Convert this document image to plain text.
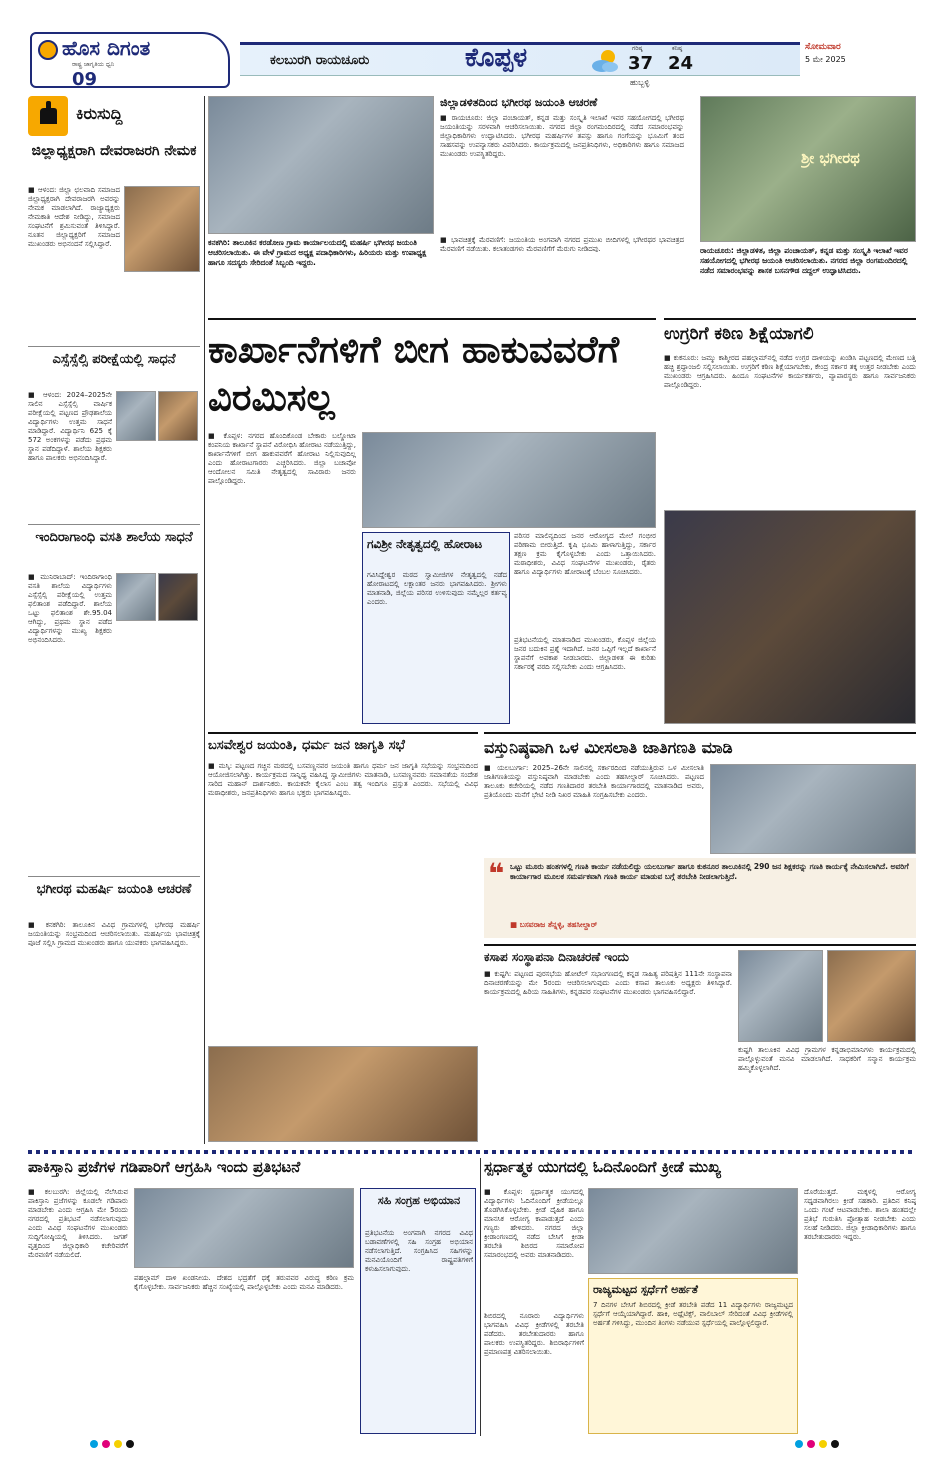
ಹೊಸ ದಿಗಂತ
ರಾಷ್ಟ್ರ ಜಾಗೃತಿಯ ಧ್ವನಿ
09
ಕಲಬುರಗಿ ರಾಯಚೂರು	ಕೊಪ್ಪಳ	ಗರಿಷ್ಠ
37
ಕನಿಷ್ಠ
24
ಸೋಮವಾರ
5 ಮೇ 2025
ಹುಬ್ಬಳ್ಳಿ
ಕಿರುಸುದ್ದಿ
ಜಿಲ್ಲಾಧ್ಯಕ್ಷರಾಗಿ ದೇವರಾಜರಗಿ ನೇಮಕ
■ ಆಳಂದ: ಜಿಲ್ಲಾ ಛಲವಾದಿ ಸಮಾಜದ ಜಿಲ್ಲಾಧ್ಯಕ್ಷರಾಗಿ ದೇವರಾಜರಗಿ ಅವರನ್ನು ನೇಮಕ ಮಾಡಲಾಗಿದೆ. ರಾಜ್ಯಾಧ್ಯಕ್ಷರು ನೇಮಕಾತಿ ಆದೇಶ ನೀಡಿದ್ದು, ಸಮಾಜದ ಸಂಘಟನೆಗೆ ಶ್ರಮಿಸುವಂತೆ ತಿಳಿಸಿದ್ದಾರೆ. ನೂತನ ಜಿಲ್ಲಾಧ್ಯಕ್ಷರಿಗೆ ಸಮಾಜದ ಮುಖಂಡರು ಅಭಿನಂದನೆ ಸಲ್ಲಿಸಿದ್ದಾರೆ.
ಎಸ್ಸೆಸ್ಸೆಲ್ಸಿ ಪರೀಕ್ಷೆಯಲ್ಲಿ ಸಾಧನೆ
■ ಆಳಂದ: 2024–2025ನೇ ಸಾಲಿನ ಎಸ್ಸೆಸ್ಸೆಲ್ಸಿ ವಾರ್ಷಿಕ ಪರೀಕ್ಷೆಯಲ್ಲಿ ಪಟ್ಟಣದ ಪ್ರೌಢಶಾಲೆಯ ವಿದ್ಯಾರ್ಥಿಗಳು ಉತ್ತಮ ಸಾಧನೆ ಮಾಡಿದ್ದಾರೆ. ವಿದ್ಯಾರ್ಥಿನಿ 625 ಕ್ಕೆ 572 ಅಂಕಗಳನ್ನು ಪಡೆದು ಪ್ರಥಮ ಸ್ಥಾನ ಪಡೆದಿದ್ದಾಳೆ. ಶಾಲೆಯ ಶಿಕ್ಷಕರು ಹಾಗೂ ಪಾಲಕರು ಅಭಿನಂದಿಸಿದ್ದಾರೆ.
ಇಂದಿರಾಗಾಂಧಿ ವಸತಿ ಶಾಲೆಯ ಸಾಧನೆ
■ ಮುನಿರಾಬಾದ್: ಇಂದಿರಾಗಾಂಧಿ ವಸತಿ ಶಾಲೆಯ ವಿದ್ಯಾರ್ಥಿಗಳು ಎಸ್ಸೆಸ್ಸೆಲ್ಸಿ ಪರೀಕ್ಷೆಯಲ್ಲಿ ಉತ್ತಮ ಫಲಿತಾಂಶ ಪಡೆದಿದ್ದಾರೆ. ಶಾಲೆಯ ಒಟ್ಟು ಫಲಿತಾಂಶ ಶೇ.95.04 ಆಗಿದ್ದು, ಪ್ರಥಮ ಸ್ಥಾನ ಪಡೆದ ವಿದ್ಯಾರ್ಥಿಗಳನ್ನು ಮುಖ್ಯ ಶಿಕ್ಷಕರು ಅಭಿನಂದಿಸಿದರು.
ಭಗೀರಥ ಮಹರ್ಷಿ ಜಯಂತಿ ಆಚರಣೆ
■ ಕನಕಗಿರಿ: ತಾಲೂಕಿನ ವಿವಿಧ ಗ್ರಾಮಗಳಲ್ಲಿ ಭಗೀರಥ ಮಹರ್ಷಿ ಜಯಂತಿಯನ್ನು ಸಂಭ್ರಮದಿಂದ ಆಚರಿಸಲಾಯಿತು. ಮಹರ್ಷಿಯ ಭಾವಚಿತ್ರಕ್ಕೆ ಪೂಜೆ ಸಲ್ಲಿಸಿ ಗ್ರಾಮದ ಮುಖಂಡರು ಹಾಗೂ ಯುವಕರು ಭಾಗವಹಿಸಿದ್ದರು.
ಕನಕಗಿರಿ: ತಾಲೂಕಿನ ಕರಡೋಣ ಗ್ರಾಮ ಕಾರ್ಯಾಲಯದಲ್ಲಿ ಮಹರ್ಷಿ ಭಗೀರಥ ಜಯಂತಿ ಆಚರಿಸಲಾಯಿತು. ಈ ವೇಳೆ ಗ್ರಾಮದ ಅಧ್ಯಕ್ಷ ಪದಾಧಿಕಾರಿಗಳು, ಹಿರಿಯರು ಮತ್ತು ಉಪಾಧ್ಯಕ್ಷ ಹಾಗೂ ಸದಸ್ಯರು ಸೇರಿದಂತೆ ಸಿಬ್ಬಂದಿ ಇದ್ದರು.
ಜಿಲ್ಲಾಡಳಿತದಿಂದ ಭಗೀರಥ ಜಯಂತಿ ಆಚರಣೆ
■ ರಾಯಚೂರು: ಜಿಲ್ಲಾ ಪಂಚಾಯತ್, ಕನ್ನಡ ಮತ್ತು ಸಂಸ್ಕೃತಿ ಇಲಾಖೆ ಇವರ ಸಹಯೋಗದಲ್ಲಿ ಭಗೀರಥ ಜಯಂತಿಯನ್ನು ಸರಳವಾಗಿ ಆಚರಿಸಲಾಯಿತು. ನಗರದ ಜಿಲ್ಲಾ ರಂಗಮಂದಿರದಲ್ಲಿ ನಡೆದ ಸಮಾರಂಭವನ್ನು ಜಿಲ್ಲಾಧಿಕಾರಿಗಳು ಉದ್ಘಾಟಿಸಿದರು. ಭಗೀರಥ ಮಹರ್ಷಿಗಳ ತಪಸ್ಸು ಹಾಗೂ ಗಂಗೆಯನ್ನು ಭೂಮಿಗೆ ತಂದ ಸಾಹಸವನ್ನು ಉಪನ್ಯಾಸಕರು ವಿವರಿಸಿದರು. ಕಾರ್ಯಕ್ರಮದಲ್ಲಿ ಜನಪ್ರತಿನಿಧಿಗಳು, ಅಧಿಕಾರಿಗಳು ಹಾಗೂ ಸಮಾಜದ ಮುಖಂಡರು ಉಪಸ್ಥಿತರಿದ್ದರು.
■ ಭಾವಚಿತ್ರಕ್ಕೆ ಮೆರವಣಿಗೆ: ಜಯಂತಿಯ ಅಂಗವಾಗಿ ನಗರದ ಪ್ರಮುಖ ಬೀದಿಗಳಲ್ಲಿ ಭಗೀರಥರ ಭಾವಚಿತ್ರದ ಮೆರವಣಿಗೆ ನಡೆಯಿತು. ಕಲಾತಂಡಗಳು ಮೆರವಣಿಗೆಗೆ ಮೆರುಗು ನೀಡಿದವು.
ಶ್ರೀ ಭಗೀರಥ
ರಾಯಚೂರು: ಜಿಲ್ಲಾಡಳಿತ, ಜಿಲ್ಲಾ ಪಂಚಾಯತ್, ಕನ್ನಡ ಮತ್ತು ಸಂಸ್ಕೃತಿ ಇಲಾಖೆ ಇವರ ಸಹಯೋಗದಲ್ಲಿ ಭಗೀರಥ ಜಯಂತಿ ಆಚರಿಸಲಾಯಿತು. ನಗರದ ಜಿಲ್ಲಾ ರಂಗಮಂದಿರದಲ್ಲಿ ನಡೆದ ಸಮಾರಂಭವನ್ನು ಶಾಸಕ ಬಸನಗೌಡ ದದ್ದಲ್ ಉದ್ಘಾಟಿಸಿದರು.
ಕಾರ್ಖಾನೆಗಳಿಗೆ ಬೀಗ ಹಾಕುವವರೆಗೆ ವಿರಮಿಸಲ್ಲ
■ ಕೊಪ್ಪಳ: ನಗರದ ಹೊಂದಿಕೊಂಡ ಬೇಕಾರು ಬಲ್ಡೋಟಾ ಕಂಪನಿಯ ಕಾರ್ಖಾನೆ ಸ್ಥಾಪನೆ ವಿರೋಧಿಸಿ ಹೋರಾಟ ನಡೆಯುತ್ತಿದ್ದು, ಕಾರ್ಖಾನೆಗಳಿಗೆ ಬೀಗ ಹಾಕುವವರೆಗೆ ಹೋರಾಟ ನಿಲ್ಲಿಸುವುದಿಲ್ಲ ಎಂದು ಹೋರಾಟಗಾರರು ಎಚ್ಚರಿಸಿದರು. ಜಿಲ್ಲಾ ಬಚಾವೋ ಆಂದೋಲನ ಸಮಿತಿ ನೇತೃತ್ವದಲ್ಲಿ ಸಾವಿರಾರು ಜನರು ಪಾಲ್ಗೊಂಡಿದ್ದರು.
ಗವಿಶ್ರೀ ನೇತೃತ್ವದಲ್ಲಿ ಹೋರಾಟ
ಗವಿಸಿದ್ದೇಶ್ವರ ಮಠದ ಸ್ವಾಮೀಜಿಗಳ ನೇತೃತ್ವದಲ್ಲಿ ನಡೆದ ಹೋರಾಟದಲ್ಲಿ ಲಕ್ಷಾಂತರ ಜನರು ಭಾಗವಹಿಸಿದರು. ಶ್ರೀಗಳು ಮಾತನಾಡಿ, ಜಿಲ್ಲೆಯ ಪರಿಸರ ಉಳಿಸುವುದು ನಮ್ಮೆಲ್ಲರ ಕರ್ತವ್ಯ ಎಂದರು.
ಪರಿಸರ ಮಾಲಿನ್ಯದಿಂದ ಜನರ ಆರೋಗ್ಯದ ಮೇಲೆ ಗಂಭೀರ ಪರಿಣಾಮ ಬೀರುತ್ತಿದೆ. ಕೃಷಿ ಭೂಮಿ ಹಾಳಾಗುತ್ತಿದ್ದು, ಸರ್ಕಾರ ತಕ್ಷಣ ಕ್ರಮ ಕೈಗೊಳ್ಳಬೇಕು ಎಂದು ಒತ್ತಾಯಿಸಿದರು. ಮಠಾಧೀಶರು, ವಿವಿಧ ಸಂಘಟನೆಗಳ ಮುಖಂಡರು, ರೈತರು ಹಾಗೂ ವಿದ್ಯಾರ್ಥಿಗಳು ಹೋರಾಟಕ್ಕೆ ಬೆಂಬಲ ಸೂಚಿಸಿದರು.
ಪ್ರತಿಭಟನೆಯಲ್ಲಿ ಮಾತನಾಡಿದ ಮುಖಂಡರು, ಕೊಪ್ಪಳ ಜಿಲ್ಲೆಯ ಜನರ ಬದುಕಿನ ಪ್ರಶ್ನೆ ಇದಾಗಿದೆ. ಜನರ ಒಪ್ಪಿಗೆ ಇಲ್ಲದೆ ಕಾರ್ಖಾನೆ ಸ್ಥಾಪನೆಗೆ ಅವಕಾಶ ನೀಡಬಾರದು. ಜಿಲ್ಲಾಡಳಿತ ಈ ಕುರಿತು ಸರ್ಕಾರಕ್ಕೆ ವರದಿ ಸಲ್ಲಿಸಬೇಕು ಎಂದು ಆಗ್ರಹಿಸಿದರು.
ಉಗ್ರರಿಗೆ ಕಠಿಣ ಶಿಕ್ಷೆಯಾಗಲಿ
■ ಕುಕನೂರು: ಜಮ್ಮು ಕಾಶ್ಮೀರದ ಪಹಲ್ಗಾಮ್‌ನಲ್ಲಿ ನಡೆದ ಉಗ್ರರ ದಾಳಿಯನ್ನು ಖಂಡಿಸಿ ಪಟ್ಟಣದಲ್ಲಿ ಮೇಣದ ಬತ್ತಿ ಹಚ್ಚಿ ಶ್ರದ್ಧಾಂಜಲಿ ಸಲ್ಲಿಸಲಾಯಿತು. ಉಗ್ರರಿಗೆ ಕಠಿಣ ಶಿಕ್ಷೆಯಾಗಬೇಕು, ಕೇಂದ್ರ ಸರ್ಕಾರ ತಕ್ಕ ಉತ್ತರ ನೀಡಬೇಕು ಎಂದು ಮುಖಂಡರು ಆಗ್ರಹಿಸಿದರು. ಹಿಂದೂ ಸಂಘಟನೆಗಳ ಕಾರ್ಯಕರ್ತರು, ವ್ಯಾಪಾರಸ್ಥರು ಹಾಗೂ ಸಾರ್ವಜನಿಕರು ಪಾಲ್ಗೊಂಡಿದ್ದರು.
ಬಸವೇಶ್ವರ ಜಯಂತಿ, ಧರ್ಮ ಜನ ಜಾಗೃತಿ ಸಭೆ
■ ಮಸ್ಕಿ: ಪಟ್ಟಣದ ಗಚ್ಚಿನ ಮಠದಲ್ಲಿ ಬಸವಣ್ಣನವರ ಜಯಂತಿ ಹಾಗೂ ಧರ್ಮ ಜನ ಜಾಗೃತಿ ಸಭೆಯನ್ನು ಸಂಭ್ರಮದಿಂದ ಆಯೋಜಿಸಲಾಗಿತ್ತು. ಕಾರ್ಯಕ್ರಮದ ಸಾನ್ನಿಧ್ಯ ವಹಿಸಿದ್ದ ಸ್ವಾಮೀಜಿಗಳು ಮಾತನಾಡಿ, ಬಸವಣ್ಣನವರು ಸಮಾನತೆಯ ಸಂದೇಶ ಸಾರಿದ ಮಹಾನ್ ದಾರ್ಶನಿಕರು. ಕಾಯಕವೇ ಕೈಲಾಸ ಎಂಬ ತತ್ವ ಇಂದಿಗೂ ಪ್ರಸ್ತುತ ಎಂದರು. ಸಭೆಯಲ್ಲಿ ವಿವಿಧ ಮಠಾಧೀಶರು, ಜನಪ್ರತಿನಿಧಿಗಳು ಹಾಗೂ ಭಕ್ತರು ಭಾಗವಹಿಸಿದ್ದರು.
ವಸ್ತುನಿಷ್ಠವಾಗಿ ಒಳ ಮೀಸಲಾತಿ ಜಾತಿಗಣತಿ ಮಾಡಿ
■ ಯಲಬುರ್ಗಾ: 2025–26ನೇ ಸಾಲಿನಲ್ಲಿ ಸರ್ಕಾರದಿಂದ ನಡೆಯುತ್ತಿರುವ ಒಳ ಮೀಸಲಾತಿ ಜಾತಿಗಣತಿಯನ್ನು ವಸ್ತುನಿಷ್ಠವಾಗಿ ಮಾಡಬೇಕು ಎಂದು ತಹಸೀಲ್ದಾರ್ ಸೂಚಿಸಿದರು. ಪಟ್ಟಣದ ತಾಲೂಕು ಕಚೇರಿಯಲ್ಲಿ ನಡೆದ ಗಣತಿದಾರರ ತರಬೇತಿ ಕಾರ್ಯಾಗಾರದಲ್ಲಿ ಮಾತನಾಡಿದ ಅವರು, ಪ್ರತಿಯೊಂದು ಮನೆಗೆ ಭೇಟಿ ನೀಡಿ ನಿಖರ ಮಾಹಿತಿ ಸಂಗ್ರಹಿಸಬೇಕು ಎಂದರು.
❝ ಒಟ್ಟು ಮೂರು ಹಂತಗಳಲ್ಲಿ ಗಣತಿ ಕಾರ್ಯ ನಡೆಯಲಿದ್ದು ಯಲಬುರ್ಗಾ ಹಾಗೂ ಕುಕನೂರ ತಾಲೂಕಿನಲ್ಲಿ 290 ಜನ ಶಿಕ್ಷಕರನ್ನು ಗಣತಿ ಕಾರ್ಯಕ್ಕೆ ನೇಮಿಸಲಾಗಿದೆ. ಅವರಿಗೆ ಕಾರ್ಯಾಗಾರ ಮೂಲಕ ಸಮರ್ಪಕವಾಗಿ ಗಣತಿ ಕಾರ್ಯ ಮಾಡುವ ಬಗ್ಗೆ ತರಬೇತಿ ನೀಡಲಾಗುತ್ತಿದೆ.
■ ಬಸವರಾಜ ತೆನ್ನಳ್ಳಿ, ತಹಸೀಲ್ದಾರ್
ಕಸಾಪ ಸಂಸ್ಥಾಪನಾ ದಿನಾಚರಣೆ ಇಂದು
■ ಕುಷ್ಟಗಿ: ಪಟ್ಟಣದ ಪುರಸಭೆಯ ಹೋಟೆಲ್ ಸಭಾಂಗಣದಲ್ಲಿ ಕನ್ನಡ ಸಾಹಿತ್ಯ ಪರಿಷತ್ತಿನ 111ನೇ ಸಂಸ್ಥಾಪನಾ ದಿನಾಚರಣೆಯನ್ನು ಮೇ 5ರಂದು ಆಚರಿಸಲಾಗುವುದು ಎಂದು ಕಸಾಪ ತಾಲೂಕು ಅಧ್ಯಕ್ಷರು ತಿಳಿಸಿದ್ದಾರೆ. ಕಾರ್ಯಕ್ರಮದಲ್ಲಿ ಹಿರಿಯ ಸಾಹಿತಿಗಳು, ಕನ್ನಡಪರ ಸಂಘಟನೆಗಳ ಮುಖಂಡರು ಭಾಗವಹಿಸಲಿದ್ದಾರೆ.
ಕುಷ್ಟಗಿ ತಾಲೂಕಿನ ವಿವಿಧ ಗ್ರಾಮಗಳ ಕನ್ನಡಾಭಿಮಾನಿಗಳು ಕಾರ್ಯಕ್ರಮದಲ್ಲಿ ಪಾಲ್ಗೊಳ್ಳುವಂತೆ ಮನವಿ ಮಾಡಲಾಗಿದೆ. ಸಾಧಕರಿಗೆ ಸನ್ಮಾನ ಕಾರ್ಯಕ್ರಮ ಹಮ್ಮಿಕೊಳ್ಳಲಾಗಿದೆ.
ಪಾಕಿಸ್ತಾನಿ ಪ್ರಜೆಗಳ ಗಡಿಪಾರಿಗೆ ಆಗ್ರಹಿಸಿ ಇಂದು ಪ್ರತಿಭಟನೆ
■ ಕಲಬುರಗಿ: ಜಿಲ್ಲೆಯಲ್ಲಿ ನೆಲೆಸಿರುವ ಪಾಕಿಸ್ತಾನಿ ಪ್ರಜೆಗಳನ್ನು ಕೂಡಲೇ ಗಡಿಪಾರು ಮಾಡಬೇಕು ಎಂದು ಆಗ್ರಹಿಸಿ ಮೇ 5ರಂದು ನಗರದಲ್ಲಿ ಪ್ರತಿಭಟನೆ ನಡೆಸಲಾಗುವುದು ಎಂದು ವಿವಿಧ ಸಂಘಟನೆಗಳ ಮುಖಂಡರು ಸುದ್ದಿಗೋಷ್ಠಿಯಲ್ಲಿ ತಿಳಿಸಿದರು. ಜಗತ್ ವೃತ್ತದಿಂದ ಜಿಲ್ಲಾಧಿಕಾರಿ ಕಚೇರಿವರೆಗೆ ಮೆರವಣಿಗೆ ನಡೆಯಲಿದೆ.
ಪಹಲ್ಗಾಮ್ ದಾಳಿ ಖಂಡನೀಯ. ದೇಶದ ಭದ್ರತೆಗೆ ಧಕ್ಕೆ ತರುವವರ ವಿರುದ್ಧ ಕಠಿಣ ಕ್ರಮ ಕೈಗೊಳ್ಳಬೇಕು. ಸಾರ್ವಜನಿಕರು ಹೆಚ್ಚಿನ ಸಂಖ್ಯೆಯಲ್ಲಿ ಪಾಲ್ಗೊಳ್ಳಬೇಕು ಎಂದು ಮನವಿ ಮಾಡಿದರು.
ಸಹಿ ಸಂಗ್ರಹ ಅಭಿಯಾನ
ಪ್ರತಿಭಟನೆಯ ಅಂಗವಾಗಿ ನಗರದ ವಿವಿಧ ಬಡಾವಣೆಗಳಲ್ಲಿ ಸಹಿ ಸಂಗ್ರಹ ಅಭಿಯಾನ ನಡೆಸಲಾಗುತ್ತಿದೆ. ಸಂಗ್ರಹಿಸಿದ ಸಹಿಗಳನ್ನು ಮನವಿಯೊಂದಿಗೆ ರಾಷ್ಟ್ರಪತಿಗಳಿಗೆ ಕಳುಹಿಸಲಾಗುವುದು.
ಸ್ಪರ್ಧಾತ್ಮಕ ಯುಗದಲ್ಲಿ ಓದಿನೊಂದಿಗೆ ಕ್ರೀಡೆ ಮುಖ್ಯ
■ ಕೊಪ್ಪಳ: ಸ್ಪರ್ಧಾತ್ಮಕ ಯುಗದಲ್ಲಿ ವಿದ್ಯಾರ್ಥಿಗಳು ಓದಿನೊಂದಿಗೆ ಕ್ರೀಡೆಯಲ್ಲೂ ತೊಡಗಿಸಿಕೊಳ್ಳಬೇಕು. ಕ್ರೀಡೆ ದೈಹಿಕ ಹಾಗೂ ಮಾನಸಿಕ ಆರೋಗ್ಯ ಕಾಪಾಡುತ್ತದೆ ಎಂದು ಗಣ್ಯರು ಹೇಳಿದರು. ನಗರದ ಜಿಲ್ಲಾ ಕ್ರೀಡಾಂಗಣದಲ್ಲಿ ನಡೆದ ಬೇಸಿಗೆ ಕ್ರೀಡಾ ತರಬೇತಿ ಶಿಬಿರದ ಸಮಾರೋಪ ಸಮಾರಂಭದಲ್ಲಿ ಅವರು ಮಾತನಾಡಿದರು.
ರಾಜ್ಯಮಟ್ಟದ ಸ್ಪರ್ಧೆಗೆ ಅರ್ಹತೆ
7 ದಿನಗಳ ಬೇಸಿಗೆ ಶಿಬಿರದಲ್ಲಿ ಕ್ರೀಡೆ ತರಬೇತಿ ಪಡೆದ 11 ವಿದ್ಯಾರ್ಥಿಗಳು ರಾಜ್ಯಮಟ್ಟದ ಸ್ಪರ್ಧೆಗೆ ಆಯ್ಕೆಯಾಗಿದ್ದಾರೆ. ಹಾಕಿ, ಅಥ್ಲೆಟಿಕ್ಸ್, ವಾಲಿಬಾಲ್ ಸೇರಿದಂತೆ ವಿವಿಧ ಕ್ರೀಡೆಗಳಲ್ಲಿ ಅರ್ಹತೆ ಗಳಿಸಿದ್ದು, ಮುಂದಿನ ತಿಂಗಳು ನಡೆಯುವ ಸ್ಪರ್ಧೆಯಲ್ಲಿ ಪಾಲ್ಗೊಳ್ಳಲಿದ್ದಾರೆ.
ಶಿಬಿರದಲ್ಲಿ ನೂರಾರು ವಿದ್ಯಾರ್ಥಿಗಳು ಭಾಗವಹಿಸಿ ವಿವಿಧ ಕ್ರೀಡೆಗಳಲ್ಲಿ ತರಬೇತಿ ಪಡೆದರು. ತರಬೇತುದಾರರು ಹಾಗೂ ಪಾಲಕರು ಉಪಸ್ಥಿತರಿದ್ದರು. ಶಿಬಿರಾರ್ಥಿಗಳಿಗೆ ಪ್ರಮಾಣಪತ್ರ ವಿತರಿಸಲಾಯಿತು.
ದೊರೆಯುತ್ತದೆ. ಮಕ್ಕಳಲ್ಲಿ ಆರೋಗ್ಯ ಸಧೃಡವಾಗಿರಲು ಕ್ರೀಡೆ ಸಹಕಾರಿ. ಪ್ರತಿದಿನ ಕನಿಷ್ಠ ಒಂದು ಗಂಟೆ ಆಟವಾಡಬೇಕು. ಶಾಲಾ ಹಂತದಲ್ಲೇ ಪ್ರತಿಭೆ ಗುರುತಿಸಿ ಪ್ರೋತ್ಸಾಹ ನೀಡಬೇಕು ಎಂದು ಸಲಹೆ ನೀಡಿದರು. ಜಿಲ್ಲಾ ಕ್ರೀಡಾಧಿಕಾರಿಗಳು ಹಾಗೂ ತರಬೇತುದಾರರು ಇದ್ದರು.
